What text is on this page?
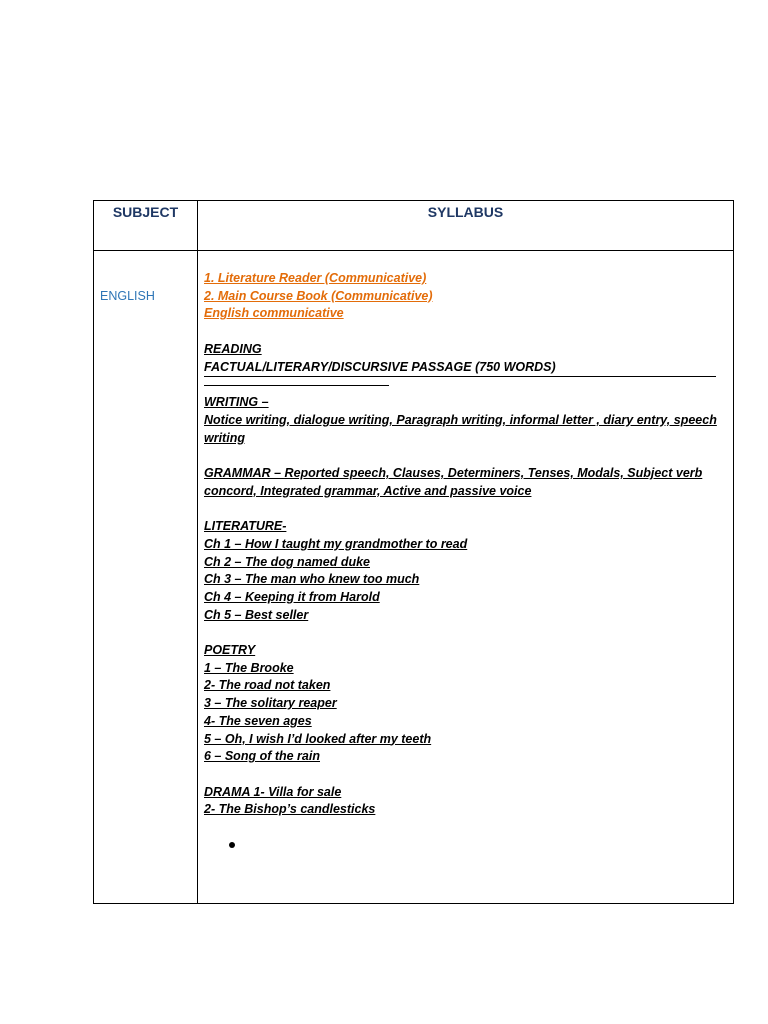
SUBJECT	SYLLABUS
ENGLISH
1. Literature Reader (Communicative)
2. Main Course Book (Communicative)
English communicative
READING
FACTUAL/LITERARY/DISCURSIVE PASSAGE (750 WORDS)
WRITING –
Notice writing, dialogue writing, Paragraph writing, informal letter , diary entry, speech writing
GRAMMAR – Reported speech, Clauses, Determiners, Tenses, Modals, Subject verb concord, Integrated grammar, Active and passive voice
LITERATURE-
Ch 1 – How I taught my grandmother to read
Ch 2 – The dog named duke
Ch 3 – The man who knew too much
Ch 4 – Keeping it from Harold
Ch 5 – Best seller
POETRY
1 – The Brooke
2- The road not taken
3 – The solitary reaper
4- The seven ages
5 – Oh, I wish I’d looked after my teeth
6 – Song of the rain
DRAMA 1- Villa for sale
2- The Bishop’s candlesticks
